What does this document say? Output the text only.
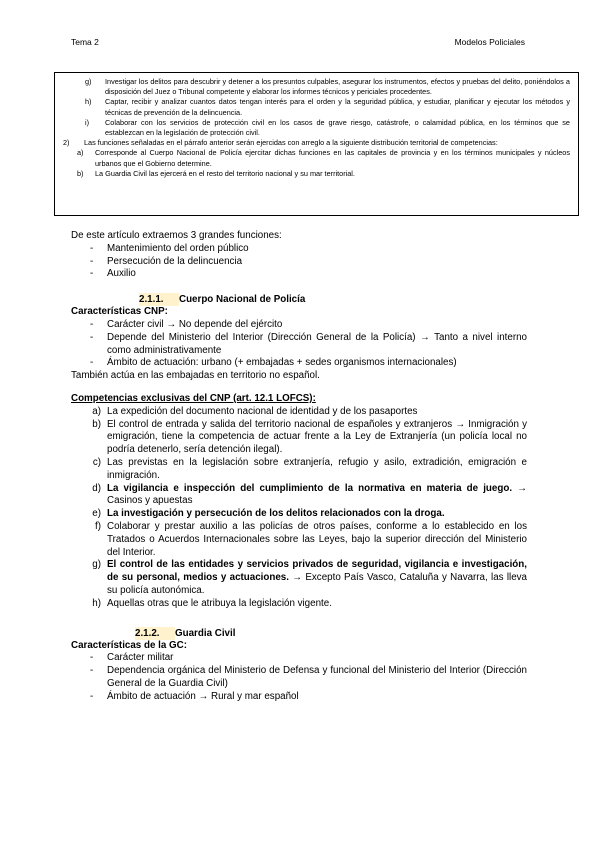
Tema 2	Modelos Policiales
g)	Investigar los delitos para descubrir y detener a los presuntos culpables, asegurar los instrumentos, efectos y pruebas del delito, poniéndolos a disposición del Juez o Tribunal competente y elaborar los informes técnicos y periciales procedentes.
h)	Captar, recibir y analizar cuantos datos tengan interés para el orden y la seguridad pública, y estudiar, planificar y ejecutar los métodos y técnicas de prevención de la delincuencia.
i)	Colaborar con los servicios de protección civil en los casos de grave riesgo, catástrofe, o calamidad pública, en los términos que se establezcan en la legislación de protección civil.
2)	Las funciones señaladas en el párrafo anterior serán ejercidas con arreglo a la siguiente distribución territorial de competencias:
a)	Corresponde al Cuerpo Nacional de Policía ejercitar dichas funciones en las capitales de provincia y en los términos municipales y núcleos urbanos que el Gobierno determine.
b)	La Guardia Civil las ejercerá en el resto del territorio nacional y su mar territorial.
De este artículo extraemos 3 grandes funciones:
-	Mantenimiento del orden público
-	Persecución de la delincuencia
-	Auxilio
2.1.1.	Cuerpo Nacional de Policía
Características CNP:
-	Carácter civil → No depende del ejército
-	Depende del Ministerio del Interior (Dirección General de la Policía) → Tanto a nivel interno como administrativamente
-	Ámbito de actuación: urbano (+ embajadas + sedes organismos internacionales)
También actúa en las embajadas en territorio no español.
Competencias exclusivas del CNP (art. 12.1 LOFCS):
a) La expedición del documento nacional de identidad y de los pasaportes
b) El control de entrada y salida del territorio nacional de españoles y extranjeros → Inmigración y emigración, tiene la competencia de actuar frente a la Ley de Extranjería (un policía local no podría detenerlo, sería detención ilegal).
c) Las previstas en la legislación sobre extranjería, refugio y asilo, extradición, emigración e inmigración.
d) La vigilancia e inspección del cumplimiento de la normativa en materia de juego. → Casinos y apuestas
e) La investigación y persecución de los delitos relacionados con la droga.
f) Colaborar y prestar auxilio a las policías de otros países, conforme a lo establecido en los Tratados o Acuerdos Internacionales sobre las Leyes, bajo la superior dirección del Ministerio del Interior.
g) El control de las entidades y servicios privados de seguridad, vigilancia e investigación, de su personal, medios y actuaciones. → Excepto País Vasco, Cataluña y Navarra, las lleva su policía autonómica.
h) Aquellas otras que le atribuya la legislación vigente.
2.1.2.	Guardia Civil
Características de la GC:
-	Carácter militar
-	Dependencia orgánica del Ministerio de Defensa y funcional del Ministerio del Interior (Dirección General de la Guardia Civil)
-	Ámbito de actuación → Rural y mar español
